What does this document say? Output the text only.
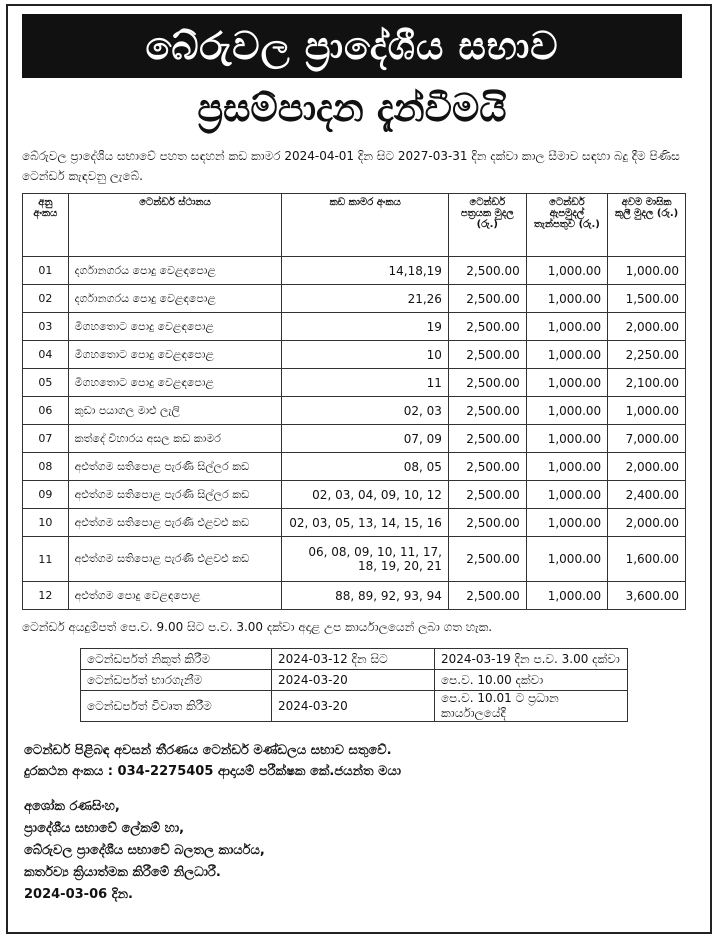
බේරුවල ප්‍රාදේශීය සභාව
ප්‍රසම්පාදන දැන්වීමයි
බේරුවල ප්‍රාදේශීය සභාවේ පහත සඳහන් කඩ කාමර 2024-04-01 දින සිට 2027-03-31 දින දක්වා කාල සීමාව සඳහා බදු දීම පිණිස ටෙන්ඩර් කැඳවනු ලැබේ.
අනු අංකය	ටෙන්ඩර් ස්ථානය	කඩ කාමර අංකය	ටෙන්ඩර් පත්‍රයක මුදල (රු.)	ටෙන්ඩර් ඇපමුදල් තැන්පතුව (රු.)	අවම මාසික කුලී මුදල (රු.)
01	දර්ගානගරය පොදු වෙළඳපොළ	14,18,19	2,500.00	1,000.00	1,000.00
02	දර්ගානගරය පොදු වෙළඳපොළ	21,26	2,500.00	1,000.00	1,500.00
03	මීගහතොට පොදු වෙළඳපොළ	19	2,500.00	1,000.00	2,000.00
04	මීගහතොට පොදු වෙළඳපොළ	10	2,500.00	1,000.00	2,250.00
05	මීගහතොට පොදු වෙළඳපොළ	11	2,500.00	1,000.00	2,100.00
06	කුඩා පයාගල මාළු ලැලි	02, 03	2,500.00	1,000.00	1,000.00
07	කත්දේ විහාරය අසල කඩ කාමර	07, 09	2,500.00	1,000.00	7,000.00
08	අළුත්ගම සතිපොළ පැරණි සිල්ලර කඩ	08, 05	2,500.00	1,000.00	2,000.00
09	අළුත්ගම සතිපොළ පැරණි සිල්ලර කඩ	02, 03, 04, 09, 10, 12	2,500.00	1,000.00	2,400.00
10	අළුත්ගම සතිපොළ පැරණි එළවළු කඩ	02, 03, 05, 13, 14, 15, 16	2,500.00	1,000.00	2,000.00
11	අළුත්ගම සතිපොළ පැරණි එළවළු කඩ	06, 08, 09, 10, 11, 17, 18, 19, 20, 21	2,500.00	1,000.00	1,600.00
12	අළුත්ගම පොදු වෙළඳපොළ	88, 89, 92, 93, 94	2,500.00	1,000.00	3,600.00
ටෙන්ඩර් අයදුම්පත් පෙ.ව. 9.00 සිට ප.ව. 3.00 දක්වා අදාළ උප කාර්යාලයෙන් ලබා ගත හැක.
ටෙන්ඩර්පත් නිකුත් කිරීම	2024-03-12 දින සිට	2024-03-19 දින ප.ව. 3.00 දක්වා
ටෙන්ඩර්පත් භාරගැනීම	2024-03-20	පෙ.ව. 10.00 දක්වා
ටෙන්ඩර්පත් විවෘත කිරීම	2024-03-20	පෙ.ව. 10.01 ට ප්‍රධාන කාර්යාලයේදී
ටෙන්ඩර් පිළිබඳ අවසන් තීරණය ටෙන්ඩර් මණ්ඩලය සභාව සතුවේ.
දුරකථන අංකය : 034-2275405 ආදායම් පරීක්ෂක කේ.ජයන්ත මයා
අශෝක රණසිංහ,
ප්‍රාදේශීය සභාවේ ලේකම් හා,
බේරුවල ප්‍රාදේශීය සභාවේ බලතල කාර්යය,
කර්තව්‍ය ක්‍රියාත්මක කිරීමේ නිලධාරී.
2024-03-06 දින.
